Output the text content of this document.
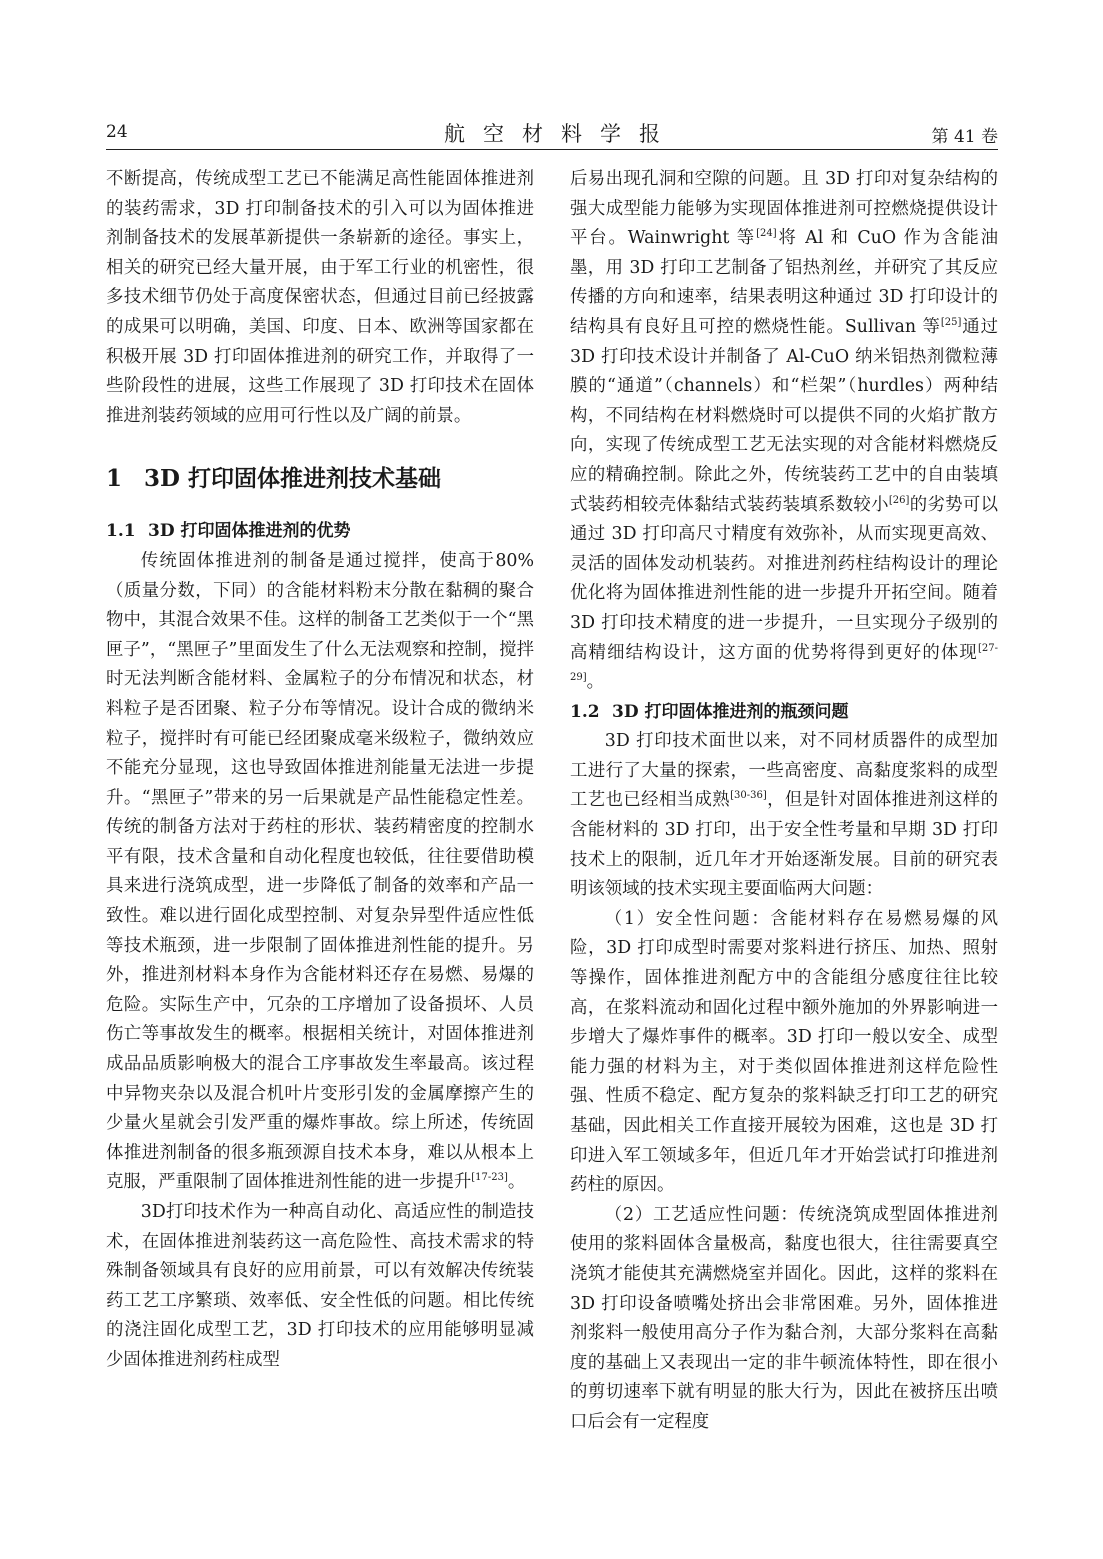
24	航空材料学报	第 41 卷

不断提高，传统成型工艺已不能满足高性能固体推进剂的装药需求，3D 打印制备技术的引入可以为固体推进剂制备技术的发展革新提供一条崭新的途径。事实上，相关的研究已经大量开展，由于军工行业的机密性，很多技术细节仍处于高度保密状态，但通过目前已经披露的成果可以明确，美国、印度、日本、欧洲等国家都在积极开展 3D 打印固体推进剂的研究工作，并取得了一些阶段性的进展，这些工作展现了 3D 打印技术在固体推进剂装药领域的应用可行性以及广阔的前景。

1 3D 打印固体推进剂技术基础
1.1 3D 打印固体推进剂的优势

传统固体推进剂的制备是通过搅拌，使高于80%（质量分数，下同）的含能材料粉末分散在黏稠的聚合物中，其混合效果不佳。这样的制备工艺类似于一个“黑匣子”，“黑匣子”里面发生了什么无法观察和控制，搅拌时无法判断含能材料、金属粒子的分布情况和状态，材料粒子是否团聚、粒子分布等情况。设计合成的微纳米粒子，搅拌时有可能已经团聚成毫米级粒子，微纳效应不能充分显现，这也导致固体推进剂能量无法进一步提升。“黑匣子”带来的另一后果就是产品性能稳定性差。传统的制备方法对于药柱的形状、装药精密度的控制水平有限，技术含量和自动化程度也较低，往往要借助模具来进行浇筑成型，进一步降低了制备的效率和产品一致性。难以进行固化成型控制、对复杂异型件适应性低等技术瓶颈，进一步限制了固体推进剂性能的提升。另外，推进剂材料本身作为含能材料还存在易燃、易爆的危险。实际生产中，冗杂的工序增加了设备损坏、人员伤亡等事故发生的概率。根据相关统计，对固体推进剂成品品质影响极大的混合工序事故发生率最高。该过程中异物夹杂以及混合机叶片变形引发的金属摩擦产生的少量火星就会引发严重的爆炸事故。综上所述，传统固体推进剂制备的很多瓶颈源自技术本身，难以从根本上克服，严重限制了固体推进剂性能的进一步提升[17-23]。

3D打印技术作为一种高自动化、高适应性的制造技术，在固体推进剂装药这一高危险性、高技术需求的特殊制备领域具有良好的应用前景，可以有效解决传统装药工艺工序繁琐、效率低、安全性低的问题。相比传统的浇注固化成型工艺，3D 打印技术的应用能够明显减少固体推进剂药柱成型

后易出现孔洞和空隙的问题。且 3D 打印对复杂结构的强大成型能力能够为实现固体推进剂可控燃烧提供设计平台。Wainwright 等[24]将 Al 和 CuO 作为含能油墨，用 3D 打印工艺制备了铝热剂丝，并研究了其反应传播的方向和速率，结果表明这种通过 3D 打印设计的结构具有良好且可控的燃烧性能。Sullivan 等[25]通过 3D 打印技术设计并制备了 Al-CuO 纳米铝热剂微粒薄膜的“通道”（channels）和“栏架”（hurdles）两种结构，不同结构在材料燃烧时可以提供不同的火焰扩散方向，实现了传统成型工艺无法实现的对含能材料燃烧反应的精确控制。除此之外，传统装药工艺中的自由装填式装药相较壳体黏结式装药装填系数较小[26]的劣势可以通过 3D 打印高尺寸精度有效弥补，从而实现更高效、灵活的固体发动机装药。对推进剂药柱结构设计的理论优化将为固体推进剂性能的进一步提升开拓空间。随着 3D 打印技术精度的进一步提升，一旦实现分子级别的高精细结构设计，这方面的优势将得到更好的体现[27-29]。

1.2 3D 打印固体推进剂的瓶颈问题

3D 打印技术面世以来，对不同材质器件的成型加工进行了大量的探索，一些高密度、高黏度浆料的成型工艺也已经相当成熟[30-36]，但是针对固体推进剂这样的含能材料的 3D 打印，出于安全性考量和早期 3D 打印技术上的限制，近几年才开始逐渐发展。目前的研究表明该领域的技术实现主要面临两大问题：

（1）安全性问题：含能材料存在易燃易爆的风险，3D 打印成型时需要对浆料进行挤压、加热、照射等操作，固体推进剂配方中的含能组分感度往往比较高，在浆料流动和固化过程中额外施加的外界影响进一步增大了爆炸事件的概率。3D 打印一般以安全、成型能力强的材料为主，对于类似固体推进剂这样危险性强、性质不稳定、配方复杂的浆料缺乏打印工艺的研究基础，因此相关工作直接开展较为困难，这也是 3D 打印进入军工领域多年，但近几年才开始尝试打印推进剂药柱的原因。

（2）工艺适应性问题：传统浇筑成型固体推进剂使用的浆料固体含量极高，黏度也很大，往往需要真空浇筑才能使其充满燃烧室并固化。因此，这样的浆料在 3D 打印设备喷嘴处挤出会非常困难。另外，固体推进剂浆料一般使用高分子作为黏合剂，大部分浆料在高黏度的基础上又表现出一定的非牛顿流体特性，即在很小的剪切速率下就有明显的胀大行为，因此在被挤压出喷口后会有一定程度
